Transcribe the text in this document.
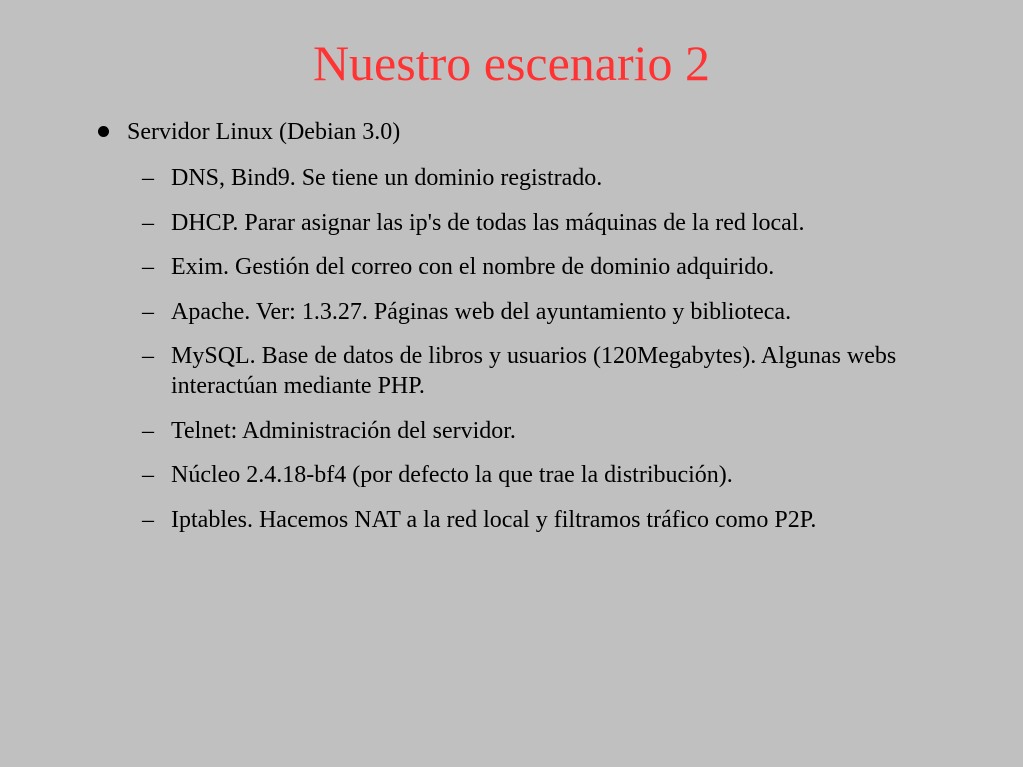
Nuestro escenario 2
Servidor Linux (Debian 3.0)
– DNS, Bind9. Se tiene un dominio registrado.
– DHCP. Parar asignar las ip's de todas las máquinas de la red local.
– Exim. Gestión del correo con el nombre de dominio adquirido.
– Apache. Ver: 1.3.27. Páginas web del ayuntamiento y biblioteca.
– MySQL. Base de datos de libros y usuarios (120Megabytes). Algunas webs interactúan mediante PHP.
– Telnet: Administración del servidor.
– Núcleo 2.4.18-bf4 (por defecto la que trae la distribución).
– Iptables. Hacemos NAT a la red local y filtramos tráfico como P2P.
